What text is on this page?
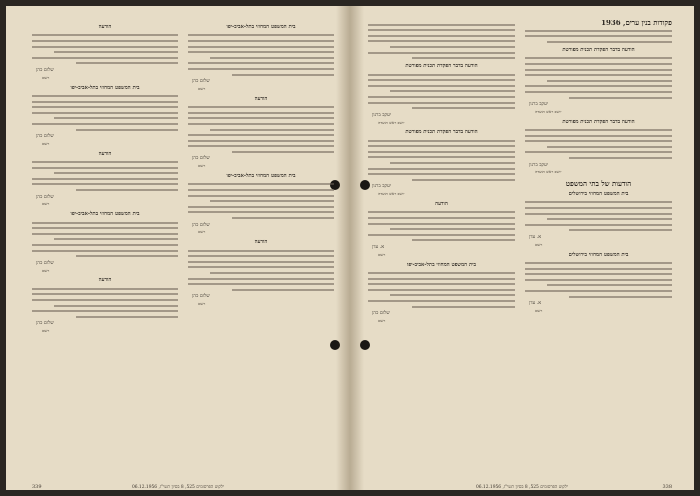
הודעה
שלום כהן
רשם
בית המשפט המחוזי בתל-אביב-יפו
שלום כהן
רשם
הודעה
שלום כהן
רשם
בית המשפט המחוזי בתל-אביב-יפו
שלום כהן
רשם
הודעה
שלום כהן
רשם
בית המשפט המחוזי בתל-אביב-יפו
שלום כהן
רשם
הודעה
שלום כהן
רשם
בית המשפט המחוזי בתל-אביב-יפו
שלום כהן
רשם
הודעה
שלום כהן
רשם
339	ילקוט הפרסומים 525, 8 בסיון תשי"ז, 06.12.1956
הודעה בדבר הפקדת תכנית מפורטת
יעקב ברנון
יושב ראש הועדה
הודעה בדבר הפקדת תכנית מפורטת
יעקב ברנון
יושב ראש הועדה
הודעה
א. עדן
רשם
בית המשפט המחוזי בתל-אביב-יפו
שלום כהן
רשם
פקודות בנין ערים, 1936
הודעה בדבר הפקדת תכנית מפורטת
יעקב ברנון
יושב ראש הועדה
הודעה בדבר הפקדת תכנית מפורטת
יעקב ברנון
יושב ראש הועדה
הודעות של בתי המשפט
בית המשפט המחוזי בירושלים
א. עדן
רשם
בית המשפט המחוזי בירושלים
א. עדן
רשם
ילקוט הפרסומים 525, 8 בסיון תשי"ז, 06.12.1956	338
